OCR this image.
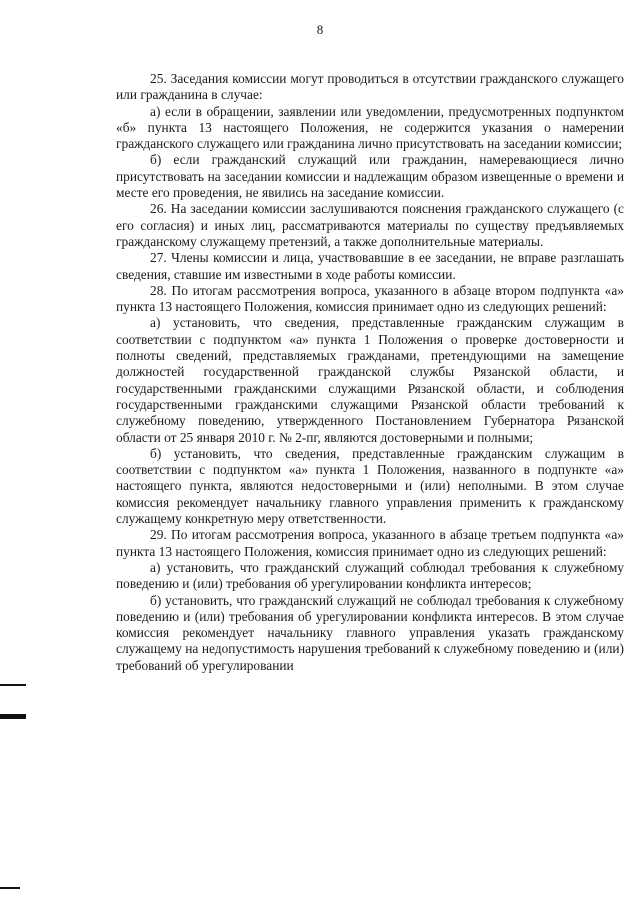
8

25. Заседания комиссии могут проводиться в отсутствии гражданского служащего или гражданина в случае:

а) если в обращении, заявлении или уведомлении, предусмотренных подпунктом «б» пункта 13 настоящего Положения, не содержится указания о намерении гражданского служащего или гражданина лично присутствовать на заседании комиссии;

б) если гражданский служащий или гражданин, намеревающиеся лично присутствовать на заседании комиссии и надлежащим образом извещенные о времени и месте его проведения, не явились на заседание комиссии.

26. На заседании комиссии заслушиваются пояснения гражданского служащего (с его согласия) и иных лиц, рассматриваются материалы по существу предъявляемых гражданскому служащему претензий, а также дополнительные материалы.

27. Члены комиссии и лица, участвовавшие в ее заседании, не вправе разглашать сведения, ставшие им известными в ходе работы комиссии.

28. По итогам рассмотрения вопроса, указанного в абзаце втором подпункта «а» пункта 13 настоящего Положения, комиссия принимает одно из следующих решений:

а) установить, что сведения, представленные гражданским служащим в соответствии с подпунктом «а» пункта 1 Положения о проверке достоверности и полноты сведений, представляемых гражданами, претендующими на замещение должностей государственной гражданской службы Рязанской области, и государственными гражданскими служащими Рязанской области, и соблюдения государственными гражданскими служащими Рязанской области требований к служебному поведению, утвержденного Постановлением Губернатора Рязанской области от 25 января 2010 г. № 2-пг, являются достоверными и полными;

б) установить, что сведения, представленные гражданским служащим в соответствии с подпунктом «а» пункта 1 Положения, названного в подпункте «а» настоящего пункта, являются недостоверными и (или) неполными. В этом случае комиссия рекомендует начальнику главного управления применить к гражданскому служащему конкретную меру ответственности.

29. По итогам рассмотрения вопроса, указанного в абзаце третьем подпункта «а» пункта 13 настоящего Положения, комиссия принимает одно из следующих решений:

а) установить, что гражданский служащий соблюдал требования к служебному поведению и (или) требования об урегулировании конфликта интересов;

б) установить, что гражданский служащий не соблюдал требования к служебному поведению и (или) требования об урегулировании конфликта интересов. В этом случае комиссия рекомендует начальнику главного управления указать гражданскому служащему на недопустимость нарушения требований к служебному поведению и (или) требований об урегулировании
